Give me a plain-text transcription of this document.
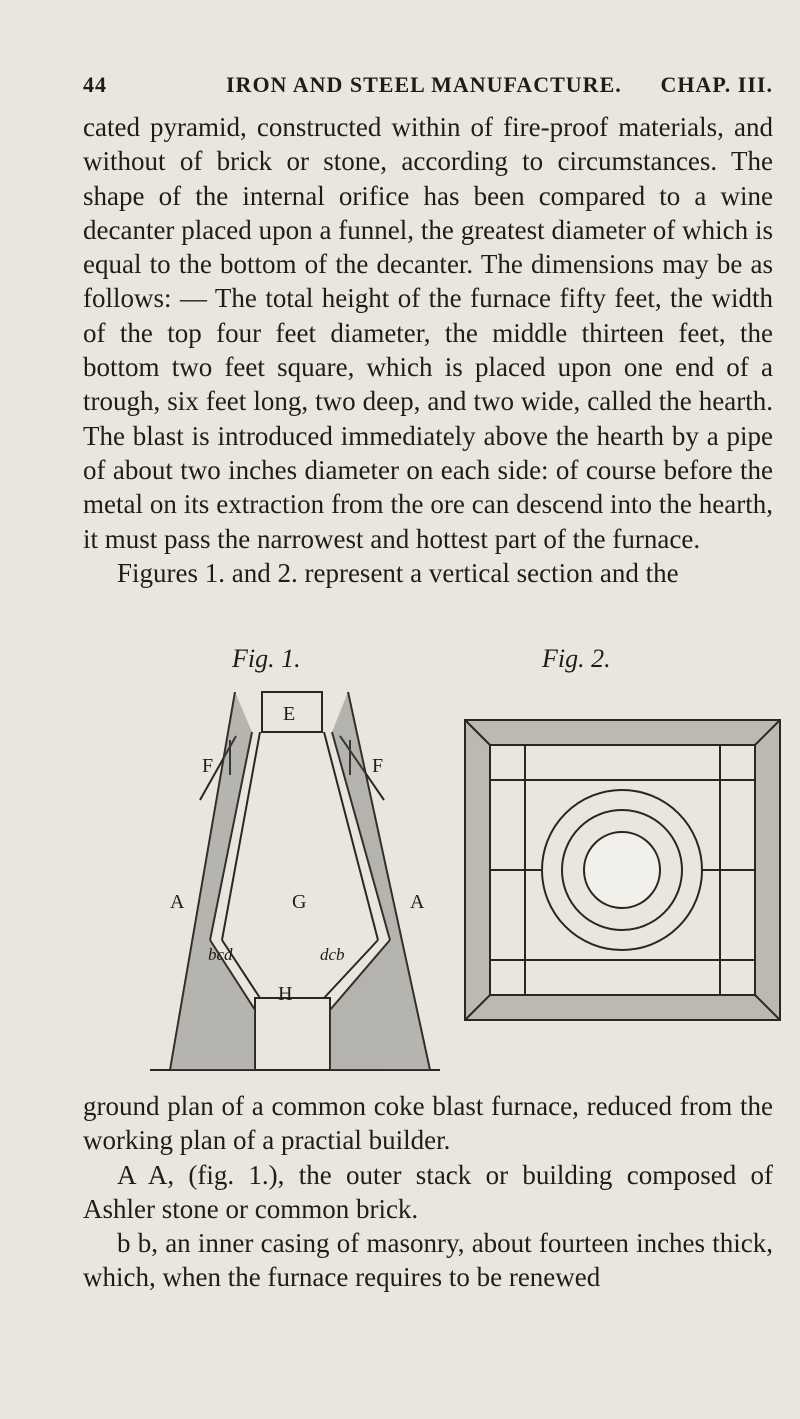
44	IRON AND STEEL MANUFACTURE. CHAP. III.

cated pyramid, constructed within of fire-proof materials, and without of brick or stone, according to circumstances. The shape of the internal orifice has been compared to a wine decanter placed upon a funnel, the greatest diameter of which is equal to the bottom of the decanter. The dimensions may be as follows: — The total height of the furnace fifty feet, the width of the top four feet diameter, the middle thirteen feet, the bottom two feet square, which is placed upon one end of a trough, six feet long, two deep, and two wide, called the hearth. The blast is introduced immediately above the hearth by a pipe of about two inches diameter on each side: of course before the metal on its extraction from the ore can descend into the hearth, it must pass the narrowest and hottest part of the furnace.

Figures 1. and 2. represent a vertical section and the

Fig. 1.	Fig. 2.
E
F	F
A	G	A
bcd	dcb
H

ground plan of a common coke blast furnace, reduced from the working plan of a practial builder.

A A, (fig. 1.), the outer stack or building composed of Ashler stone or common brick.

b b, an inner casing of masonry, about fourteen inches thick, which, when the furnace requires to be renewed
